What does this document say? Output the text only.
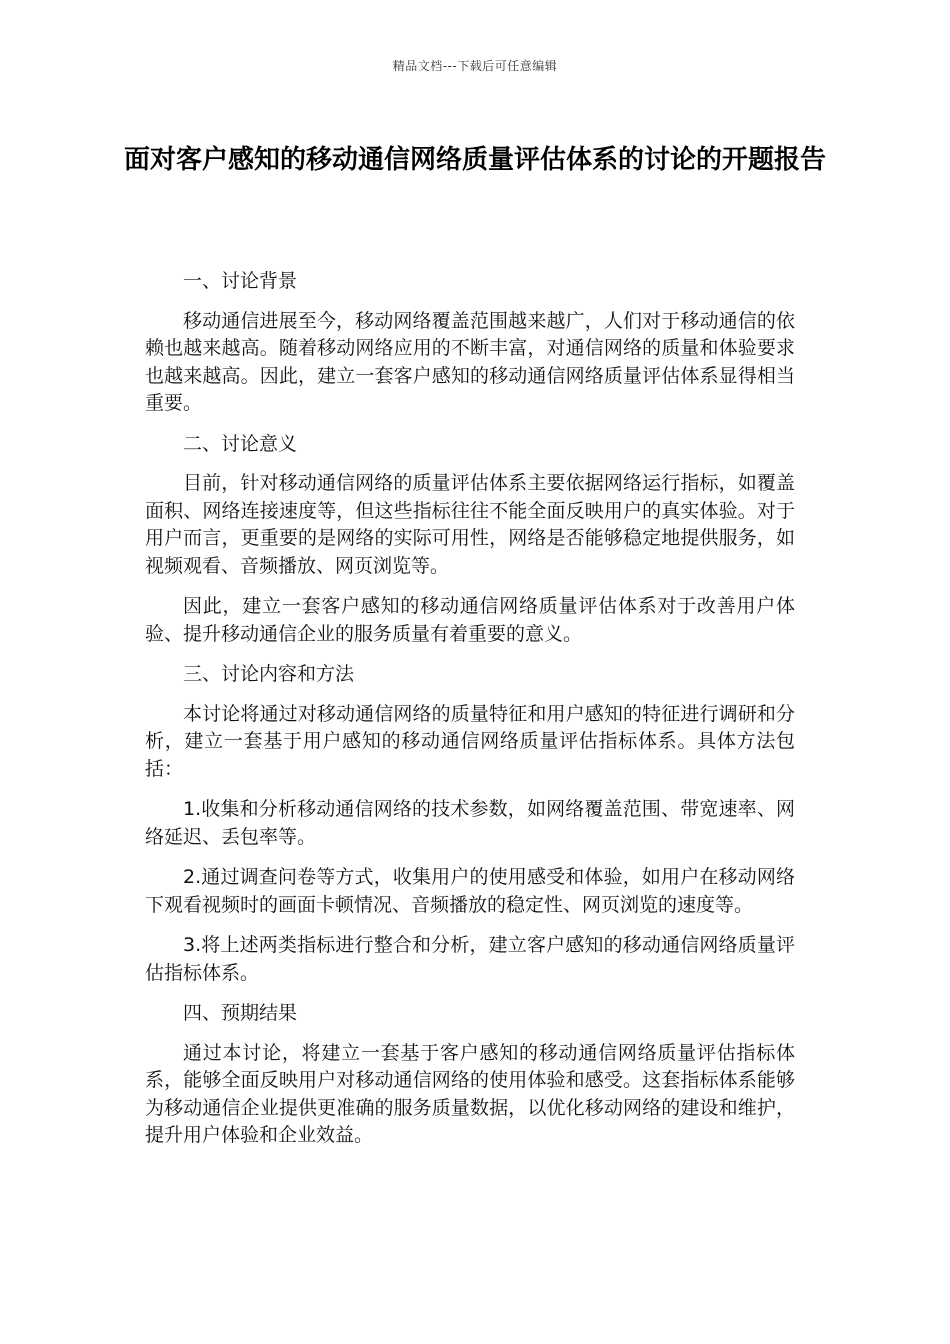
精品文档---下载后可任意编辑
面对客户感知的移动通信网络质量评估体系的讨论的开题报告

一、讨论背景

移动通信进展至今，移动网络覆盖范围越来越广，人们对于移动通信的依赖也越来越高。随着移动网络应用的不断丰富，对通信网络的质量和体验要求也越来越高。因此，建立一套客户感知的移动通信网络质量评估体系显得相当重要。

二、讨论意义

目前，针对移动通信网络的质量评估体系主要依据网络运行指标，如覆盖面积、网络连接速度等，但这些指标往往不能全面反映用户的真实体验。对于用户而言，更重要的是网络的实际可用性，网络是否能够稳定地提供服务，如视频观看、音频播放、网页浏览等。

因此，建立一套客户感知的移动通信网络质量评估体系对于改善用户体验、提升移动通信企业的服务质量有着重要的意义。

三、讨论内容和方法

本讨论将通过对移动通信网络的质量特征和用户感知的特征进行调研和分析，建立一套基于用户感知的移动通信网络质量评估指标体系。具体方法包括：

1.收集和分析移动通信网络的技术参数，如网络覆盖范围、带宽速率、网络延迟、丢包率等。

2.通过调查问卷等方式，收集用户的使用感受和体验，如用户在移动网络下观看视频时的画面卡顿情况、音频播放的稳定性、网页浏览的速度等。

3.将上述两类指标进行整合和分析，建立客户感知的移动通信网络质量评估指标体系。

四、预期结果

通过本讨论，将建立一套基于客户感知的移动通信网络质量评估指标体系，能够全面反映用户对移动通信网络的使用体验和感受。这套指标体系能够为移动通信企业提供更准确的服务质量数据，以优化移动网络的建设和维护，提升用户体验和企业效益。
